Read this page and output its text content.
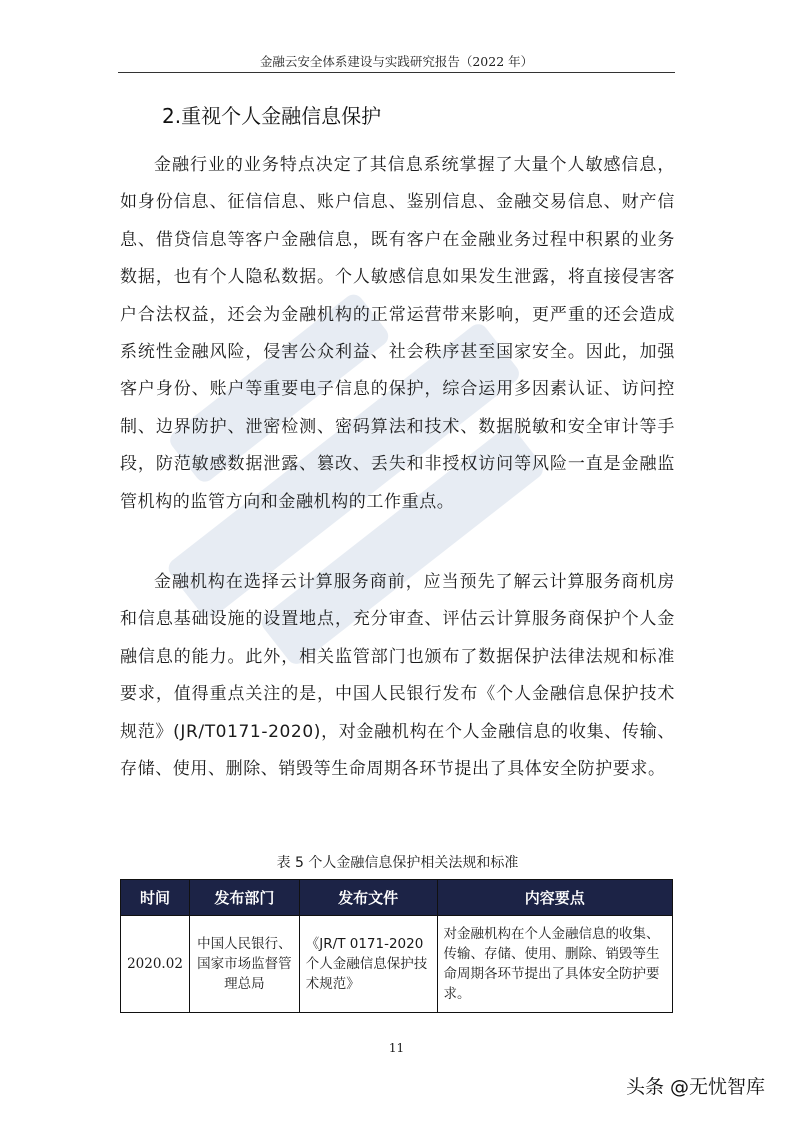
金融云安全体系建设与实践研究报告（2022 年）
2.重视个人金融信息保护

金融行业的业务特点决定了其信息系统掌握了大量个人敏感信息，如身份信息、征信信息、账户信息、鉴别信息、金融交易信息、财产信息、借贷信息等客户金融信息，既有客户在金融业务过程中积累的业务数据，也有个人隐私数据。个人敏感信息如果发生泄露，将直接侵害客户合法权益，还会为金融机构的正常运营带来影响，更严重的还会造成系统性金融风险，侵害公众利益、社会秩序甚至国家安全。因此，加强客户身份、账户等重要电子信息的保护，综合运用多因素认证、访问控制、边界防护、泄密检测、密码算法和技术、数据脱敏和安全审计等手段，防范敏感数据泄露、篡改、丢失和非授权访问等风险一直是金融监管机构的监管方向和金融机构的工作重点。

金融机构在选择云计算服务商前，应当预先了解云计算服务商机房和信息基础设施的设置地点，充分审查、评估云计算服务商保护个人金融信息的能力。此外，相关监管部门也颁布了数据保护法律法规和标准要求，值得重点关注的是，中国人民银行发布《个人金融信息保护技术规范》(JR/T0171-2020)，对金融机构在个人金融信息的收集、传输、存储、使用、删除、销毁等生命周期各环节提出了具体安全防护要求。

表 5 个人金融信息保护相关法规和标准
时间	发布部门	发布文件	内容要点
2020.02	中国人民银行、国家市场监督管理总局	《JR/T 0171-2020 个人金融信息保护技术规范》	对金融机构在个人金融信息的收集、传输、存储、使用、删除、销毁等生命周期各环节提出了具体安全防护要求。
11
头条 @无忧智库
